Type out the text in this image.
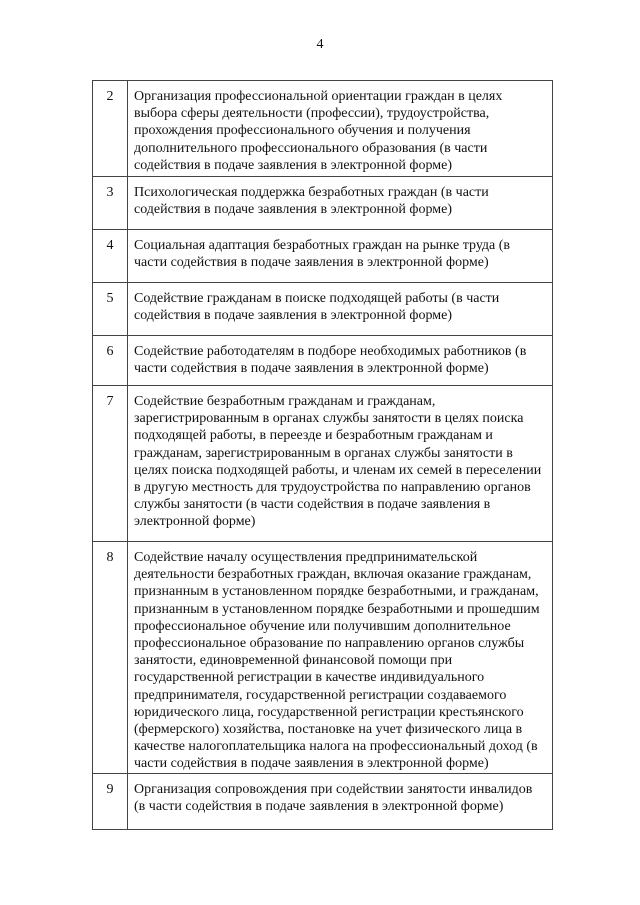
4
2	Организация профессиональной ориентации граждан в целях выбора сферы деятельности (профессии), трудоустройства, прохождения профессионального обучения и получения дополнительного профессионального образования (в части содействия в подаче заявления в электронной форме)
3	Психологическая поддержка безработных граждан (в части содействия в подаче заявления в электронной форме)
4	Социальная адаптация безработных граждан на рынке труда (в части содействия в подаче заявления в электронной форме)
5	Содействие гражданам в поиске подходящей работы (в части содействия в подаче заявления в электронной форме)
6	Содействие работодателям в подборе необходимых работников (в части содействия в подаче заявления в электронной форме)
7	Содействие безработным гражданам и гражданам, зарегистрированным в органах службы занятости в целях поиска подходящей работы, в переезде и безработным гражданам и гражданам, зарегистрированным в органах службы занятости в целях поиска подходящей работы, и членам их семей в переселении в другую местность для трудоустройства по направлению органов службы занятости (в части содействия в подаче заявления в электронной форме)
8	Содействие началу осуществления предпринимательской деятельности безработных граждан, включая оказание гражданам, признанным в установленном порядке безработными, и гражданам, признанным в установленном порядке безработными и прошедшим профессиональное обучение или получившим дополнительное профессиональное образование по направлению органов службы занятости, единовременной финансовой помощи при государственной регистрации в качестве индивидуального предпринимателя, государственной регистрации создаваемого юридического лица, государственной регистрации крестьянского (фермерского) хозяйства, постановке на учет физического лица в качестве налогоплательщика налога на профессиональный доход (в части содействия в подаче заявления в электронной форме)
9	Организация сопровождения при содействии занятости инвалидов (в части содействия в подаче заявления в электронной форме)
